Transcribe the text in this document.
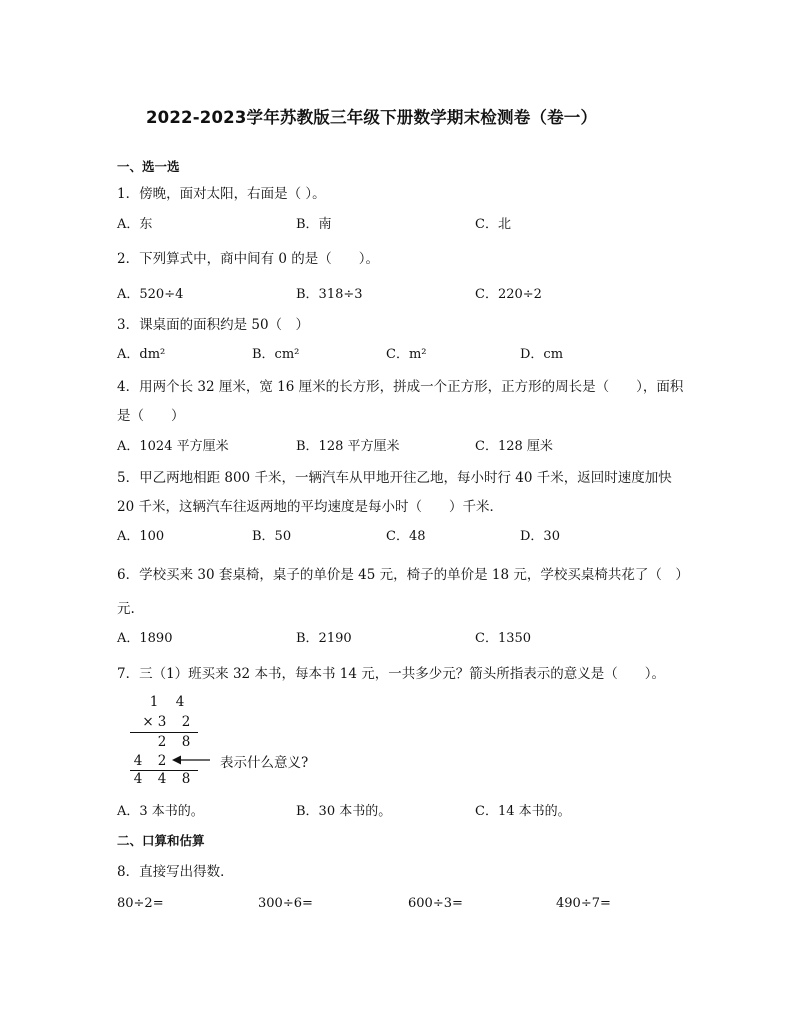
2022-2023学年苏教版三年级下册数学期末检测卷（卷一）
一、选一选
1．傍晚，面对太阳，右面是（ ）。
A．东	B．南	C．北
2．下列算式中，商中间有 0 的是（　　）。
A．520÷4	B．318÷3	C．220÷2
3．课桌面的面积约是 50（　）
A．dm²	B．cm²	C．m²	D．cm
4．用两个长 32 厘米，宽 16 厘米的长方形，拼成一个正方形，正方形的周长是（　　），面积
是（　　）
A．1024 平方厘米	B．128 平方厘米	C．128 厘米
5．甲乙两地相距 800 千米，一辆汽车从甲地开往乙地，每小时行 40 千米，返回时速度加快
20 千米，这辆汽车往返两地的平均速度是每小时（　　）千米．
A．100	B．50	C．48	D．30
6．学校买来 30 套桌椅，桌子的单价是 45 元，椅子的单价是 18 元，学校买桌椅共花了（　）
元.
A．1890	B．2190	C．1350
7．三（1）班买来 32 本书，每本书 14 元，一共多少元？箭头所指表示的意义是（　　）。
1 4
× 3 2
2 8
4 2
4 4 8
表示什么意义?
A．3 本书的。	B．30 本书的。	C．14 本书的。
二、口算和估算
8．直接写出得数．
80÷2=	300÷6=	600÷3=	490÷7=
